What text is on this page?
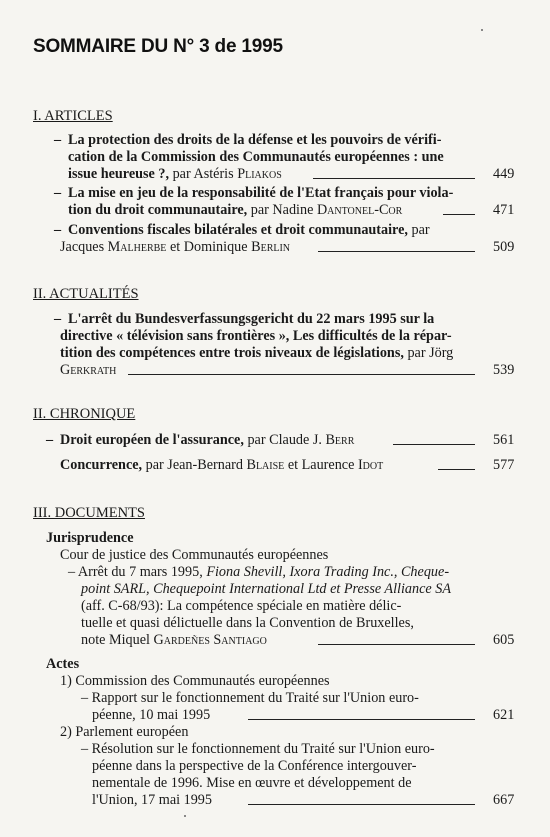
SOMMAIRE DU N° 3 de 1995
I. ARTICLES
– La protection des droits de la défense et les pouvoirs de vérifi-
cation de la Commission des Communautés européennes : une
issue heureuse ?, par Astéris Pliakos	449
– La mise en jeu de la responsabilité de l'Etat français pour viola-
tion du droit communautaire, par Nadine Dantonel-Cor	471
– Conventions fiscales bilatérales et droit communautaire, par
Jacques Malherbe et Dominique Berlin	509
II. ACTUALITÉS
– L'arrêt du Bundesverfassungsgericht du 22 mars 1995 sur la
directive « télévision sans frontières », Les difficultés de la répar-
tition des compétences entre trois niveaux de législations, par Jörg
Gerkrath	539
II. CHRONIQUE
– Droit européen de l'assurance, par Claude J. Berr	561
Concurrence, par Jean-Bernard Blaise et Laurence Idot	577
III. DOCUMENTS
Jurisprudence
Cour de justice des Communautés européennes
– Arrêt du 7 mars 1995, Fiona Shevill, Ixora Trading Inc., Cheque-
point SARL, Chequepoint International Ltd et Presse Alliance SA
(aff. C-68/93): La compétence spéciale en matière délic-
tuelle et quasi délictuelle dans la Convention de Bruxelles,
note Miquel Gardeñes Santiago	605
Actes
1) Commission des Communautés européennes
– Rapport sur le fonctionnement du Traité sur l'Union euro-
péenne, 10 mai 1995	621
2) Parlement européen
– Résolution sur le fonctionnement du Traité sur l'Union euro-
péenne dans la perspective de la Conférence intergouver-
nementale de 1996. Mise en œuvre et développement de
l'Union, 17 mai 1995	667
